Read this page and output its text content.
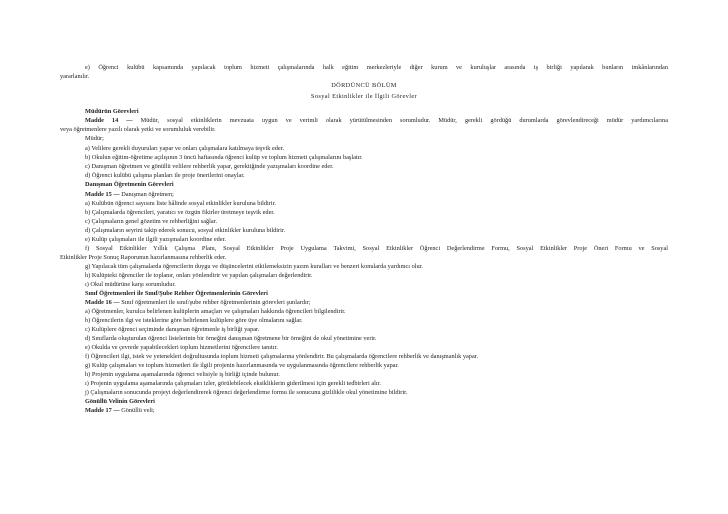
e) Öğrenci kulübü kapsamında yapılacak toplum hizmeti çalışmalarında halk eğitim merkezleriyle diğer kurum ve kuruluşlar arasında iş birliği yapılarak bunların imkânlarından
yararlanılır.
DÖRDÜNCÜ BÖLÜM
Sosyal Etkinlikler ile İlgili Görevler
Müdürün Görevleri
Madde 14 — Müdür, sosyal etkinliklerin mevzuata uygun ve verimli olarak yürütülmesinden sorumludur. Müdür, gerekli gördüğü durumlarda görevlendireceği müdür yardımcılarına
veya öğretmenlere yazılı olarak yetki ve sorumluluk verebilir.
Müdür;
a) Velilere gerekli duyuruları yapar ve onları çalışmalara katılmaya teşvik eder.
b) Okulun eğitim-öğretime açılışının 3 üncü haftasında öğrenci kulüp ve toplum hizmeti çalışmalarını başlatır.
c) Danışman öğretmen ve gönüllü velilere rehberlik yapar, gerektiğinde yazışmaları koordine eder.
d) Öğrenci kulübü çalışma planları ile proje önerilerini onaylar.
Danışman Öğretmenin Görevleri
Madde 15 — Danışman öğretmen;
a) Kulübün öğrenci sayısını liste hâlinde sosyal etkinlikler kuruluna bildirir.
b) Çalışmalarda öğrencileri, yaratıcı ve özgün fikirler üretmeye teşvik eder.
c) Çalışmaların genel gözetim ve rehberliğini sağlar.
d) Çalışmaların seyrini takip ederek sonucu, sosyal etkinlikler kuruluna bildirir.
e) Kulüp çalışmaları ile ilgili yazışmaları koordine eder.
f) Sosyal Etkinlikler Yıllık Çalışma Planı, Sosyal Etkinlikler Proje Uygulama Takvimi, Sosyal Etkinlikler Öğrenci Değerlendirme Formu, Sosyal Etkinlikler Proje Öneri Formu ve Sosyal
Etkinlikler Proje Sonuç Raporunun hazırlanmasına rehberlik eder.
g) Yapılacak tüm çalışmalarda öğrencilerin duygu ve düşüncelerini etkilemeksizin yazım kuralları ve benzeri konularda yardımcı olur.
h) Kulüpteki öğrenciler ile toplanır, onları yönlendirir ve yapılan çalışmaları değerlendirir.
ı) Okul müdürüne karşı sorumludur.
Sınıf Öğretmenleri ile Sınıf/Şube Rehber Öğretmenlerinin Görevleri
Madde 16 — Sınıf öğretmenleri ile sınıf/şube rehber öğretmenlerinin görevleri şunlardır;
a) Öğretmenler, kurulca belirlenen kulüplerin amaçları ve çalışmaları hakkında öğrencileri bilgilendirir.
b) Öğrencilerin ilgi ve isteklerine göre belirlenen kulüplere göre üye olmalarını sağlar.
c) Kulüplere öğrenci seçiminde danışman öğretmenle iş birliği yapar.
d) Sınıflarda oluşturulan öğrenci listelerinin bir örneğini danışman öğretmene bir örneğini de okul yönetimine verir.
e) Okulda ve çevrede yapabilecekleri toplum hizmetlerini öğrencilere tanıtır.
f) Öğrencileri ilgi, istek ve yetenekleri doğrultusunda toplum hizmeti çalışmalarına yönlendirir. Bu çalışmalarda öğrencilere rehberlik ve danışmanlık yapar.
g) Kulüp çalışmaları ve toplum hizmetleri ile ilgili projenin hazırlanmasında ve uygulanmasında öğrencilere rehberlik yapar.
h) Projenin uygulama aşamalarında öğrenci velisiyle iş birliği içinde bulunur.
ı) Projenin uygulama aşamalarında çalışmaları izler, görülebilecek eksikliklerin giderilmesi için gerekli tedbirleri alır.
j) Çalışmaların sonucunda projeyi değerlendirerek öğrenci değerlendirme formu ile sonucunu gizlilikle okul yönetimine bildirir.
Gönüllü Velinin Görevleri
Madde 17 — Gönüllü veli;
